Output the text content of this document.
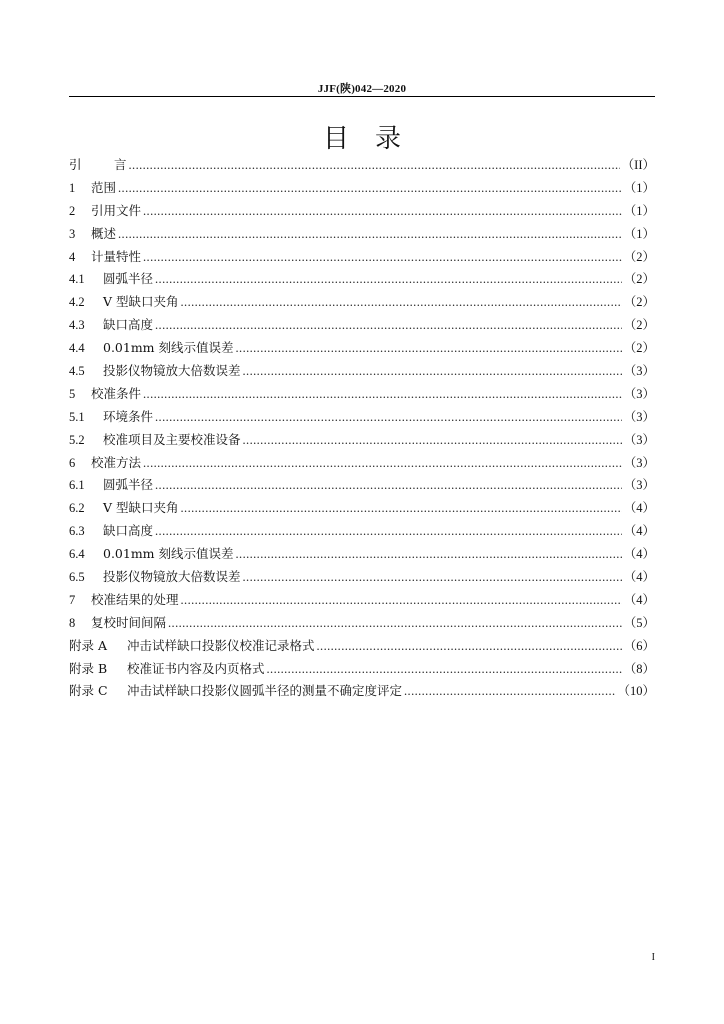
JJF(陕)042—2020
目录
引	言 .....	（II）
1	范围 .....	（1）
2	引用文件 .....	（1）
3	概述 .....	（1）
4	计量特性 .....	（2）
4.1	圆弧半径 .....	（2）
4.2	V 型缺口夹角 .....	（2）
4.3	缺口高度 .....	（2）
4.4	0.01mm 刻线示值误差 .....	（2）
4.5	投影仪物镜放大倍数误差 .....	（3）
5	校准条件 .....	（3）
5.1	环境条件 .....	（3）
5.2	校准项目及主要校准设备 .....	（3）
6	校准方法 .....	（3）
6.1	圆弧半径 .....	（3）
6.2	V 型缺口夹角 .....	（4）
6.3	缺口高度 .....	（4）
6.4	0.01mm 刻线示值误差 .....	（4）
6.5	投影仪物镜放大倍数误差 .....	（4）
7	校准结果的处理 .....	（4）
8	复校时间间隔 .....	（5）
附录 A	冲击试样缺口投影仪校准记录格式 .....	（6）
附录 B	校准证书内容及内页格式 .....	（8）
附录 C	冲击试样缺口投影仪圆弧半径的测量不确定度评定 .....	（10）
I
